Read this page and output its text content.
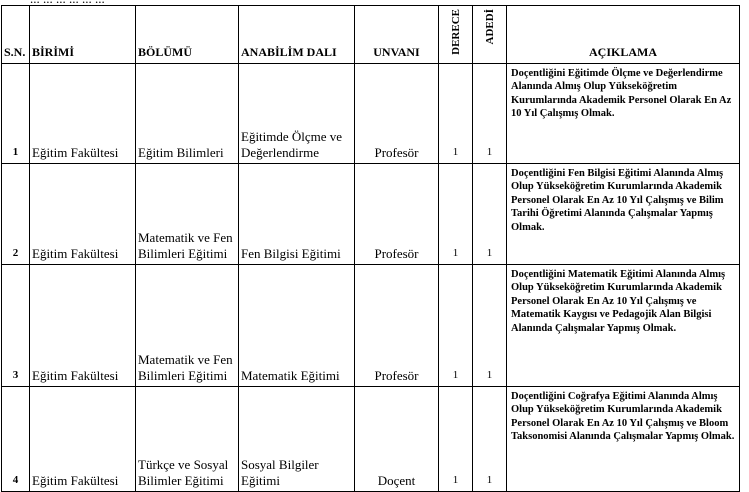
S.N.	BİRİMİ	BÖLÜMÜ	ANABİLİM DALI	UNVANI	DERECE	ADEDİ	AÇIKLAMA
1	Eğitim Fakültesi	Eğitim Bilimleri	Eğitimde Ölçme ve Değerlendirme	Profesör	1	1	Doçentliğini Eğitimde Ölçme ve Değerlendirme Alanında Almış Olup Yükseköğretim Kurumlarında Akademik Personel Olarak En Az 10 Yıl Çalışmış Olmak.
2	Eğitim Fakültesi	Matematik ve Fen Bilimleri Eğitimi	Fen Bilgisi Eğitimi	Profesör	1	1	Doçentliğini Fen Bilgisi Eğitimi Alanında Almış Olup Yükseköğretim Kurumlarında Akademik Personel Olarak En Az 10 Yıl Çalışmış ve Bilim Tarihi Öğretimi Alanında Çalışmalar Yapmış Olmak.
3	Eğitim Fakültesi	Matematik ve Fen Bilimleri Eğitimi	Matematik Eğitimi	Profesör	1	1	Doçentliğini Matematik Eğitimi Alanında Almış Olup Yükseköğretim Kurumlarında Akademik Personel Olarak En Az 10 Yıl Çalışmış ve Matematik Kaygısı ve Pedagojik Alan Bilgisi Alanında Çalışmalar Yapmış Olmak.
4	Eğitim Fakültesi	Türkçe ve Sosyal Bilimler Eğitimi	Sosyal Bilgiler Eğitimi	Doçent	1	1	Doçentliğini Coğrafya Eğitimi Alanında Almış Olup Yükseköğretim Kurumlarında Akademik Personel Olarak En Az 10 Yıl Çalışmış ve Bloom Taksonomisi Alanında Çalışmalar Yapmış Olmak.
